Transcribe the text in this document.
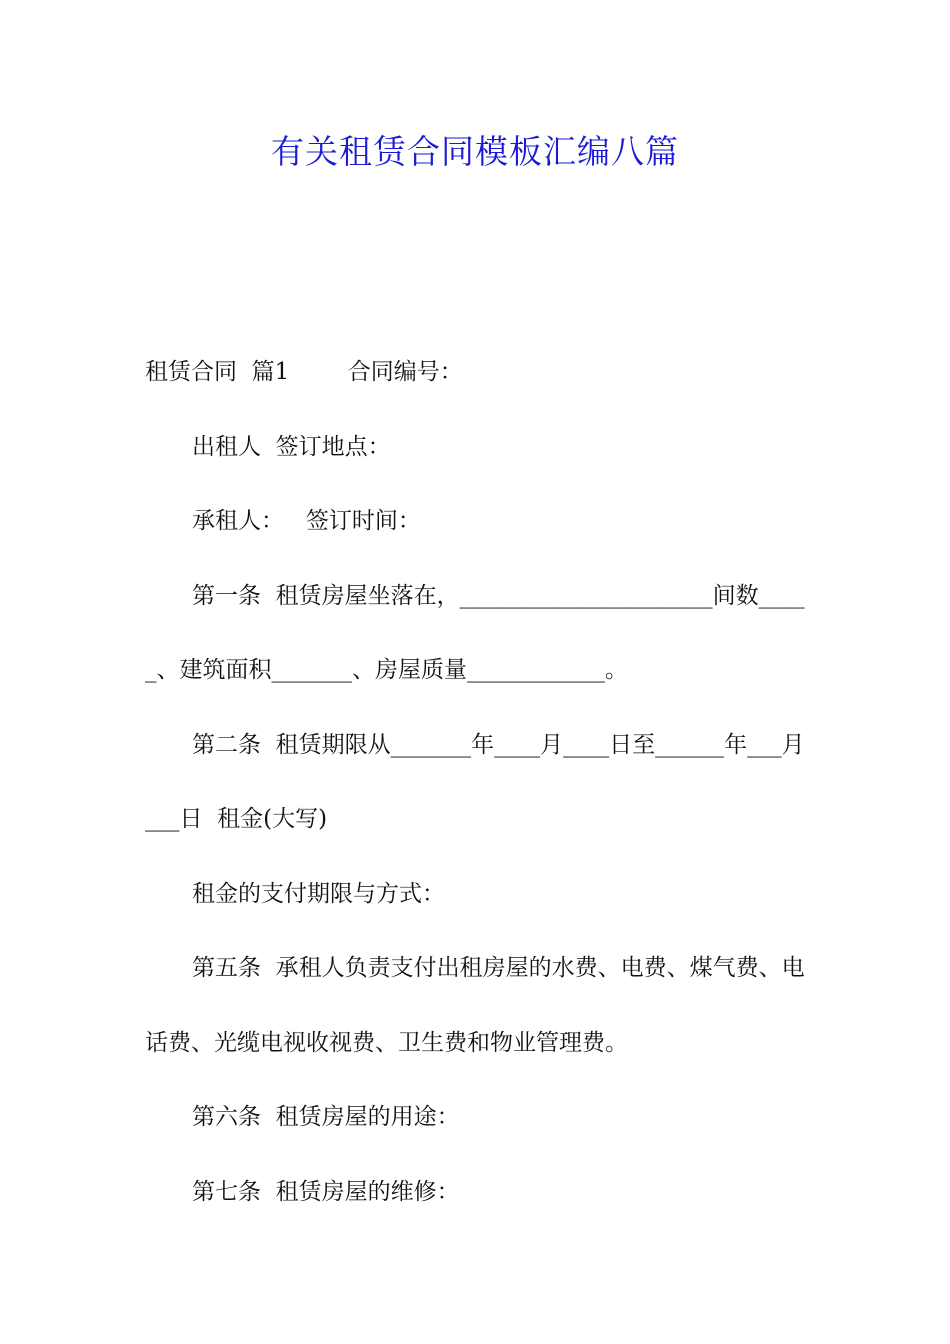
有关租赁合同模板汇编八篇

租赁合同  篇1        合同编号：

出租人  签订地点：

承租人：   签订时间：

第一条  租赁房屋坐落在，______________________间数_____、建筑面积_______、房屋质量____________。

第二条  租赁期限从_______年____月____日至______年___月___日  租金(大写)

租金的支付期限与方式：

第五条  承租人负责支付出租房屋的水费、电费、煤气费、电话费、光缆电视收视费、卫生费和物业管理费。

第六条  租赁房屋的用途：

第七条  租赁房屋的维修：
